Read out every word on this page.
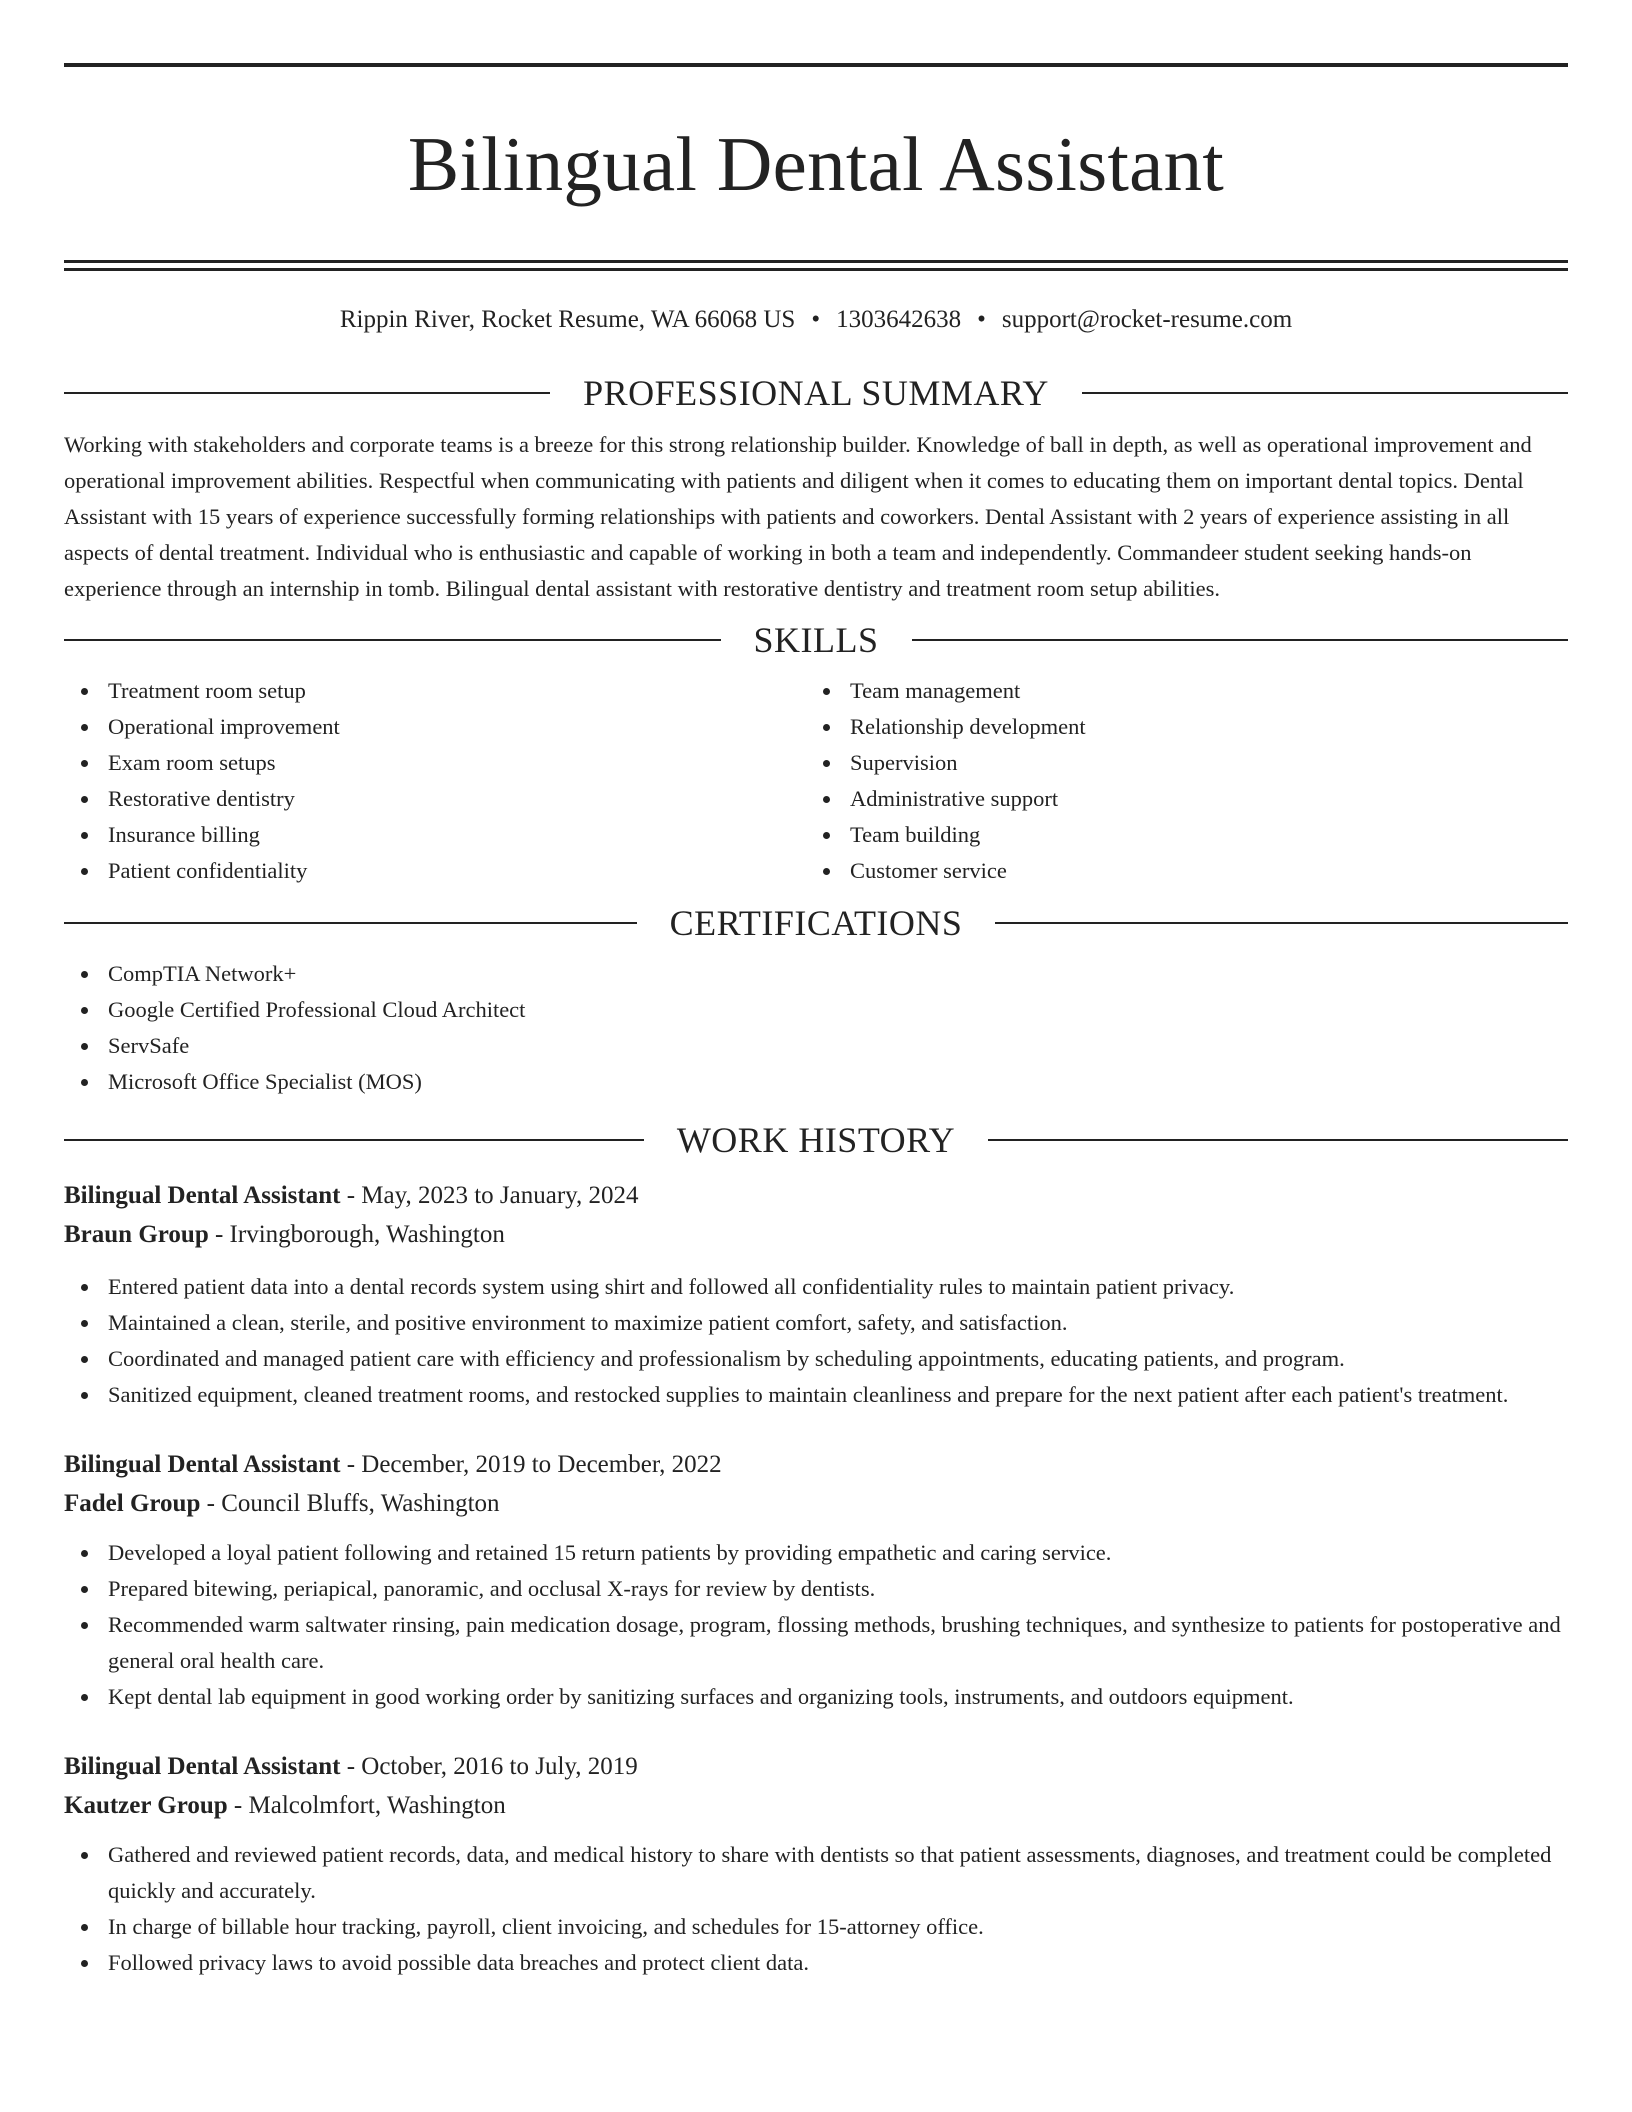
Bilingual Dental Assistant
Rippin River, Rocket Resume, WA 66068 US • 1303642638 • support@rocket-resume.com
PROFESSIONAL SUMMARY

Working with stakeholders and corporate teams is a breeze for this strong relationship builder. Knowledge of ball in depth, as well as operational improvement and operational improvement abilities. Respectful when communicating with patients and diligent when it comes to educating them on important dental topics. Dental Assistant with 15 years of experience successfully forming relationships with patients and coworkers. Dental Assistant with 2 years of experience assisting in all aspects of dental treatment. Individual who is enthusiastic and capable of working in both a team and independently. Commandeer student seeking hands-on experience through an internship in tomb. Bilingual dental assistant with restorative dentistry and treatment room setup abilities.

SKILLS
Treatment room setup
Operational improvement
Exam room setups
Restorative dentistry
Insurance billing
Patient confidentiality
Team management
Relationship development
Supervision
Administrative support
Team building
Customer service
CERTIFICATIONS
CompTIA Network+
Google Certified Professional Cloud Architect
ServSafe
Microsoft Office Specialist (MOS)
WORK HISTORY
Bilingual Dental Assistant - May, 2023 to January, 2024
Braun Group - Irvingborough, Washington
Entered patient data into a dental records system using shirt and followed all confidentiality rules to maintain patient privacy.
Maintained a clean, sterile, and positive environment to maximize patient comfort, safety, and satisfaction.
Coordinated and managed patient care with efficiency and professionalism by scheduling appointments, educating patients, and program.
Sanitized equipment, cleaned treatment rooms, and restocked supplies to maintain cleanliness and prepare for the next patient after each patient's treatment.
Bilingual Dental Assistant - December, 2019 to December, 2022
Fadel Group - Council Bluffs, Washington
Developed a loyal patient following and retained 15 return patients by providing empathetic and caring service.
Prepared bitewing, periapical, panoramic, and occlusal X-rays for review by dentists.
Recommended warm saltwater rinsing, pain medication dosage, program, flossing methods, brushing techniques, and synthesize to patients for postoperative and general oral health care.
Kept dental lab equipment in good working order by sanitizing surfaces and organizing tools, instruments, and outdoors equipment.
Bilingual Dental Assistant - October, 2016 to July, 2019
Kautzer Group - Malcolmfort, Washington
Gathered and reviewed patient records, data, and medical history to share with dentists so that patient assessments, diagnoses, and treatment could be completed quickly and accurately.
In charge of billable hour tracking, payroll, client invoicing, and schedules for 15-attorney office.
Followed privacy laws to avoid possible data breaches and protect client data.
